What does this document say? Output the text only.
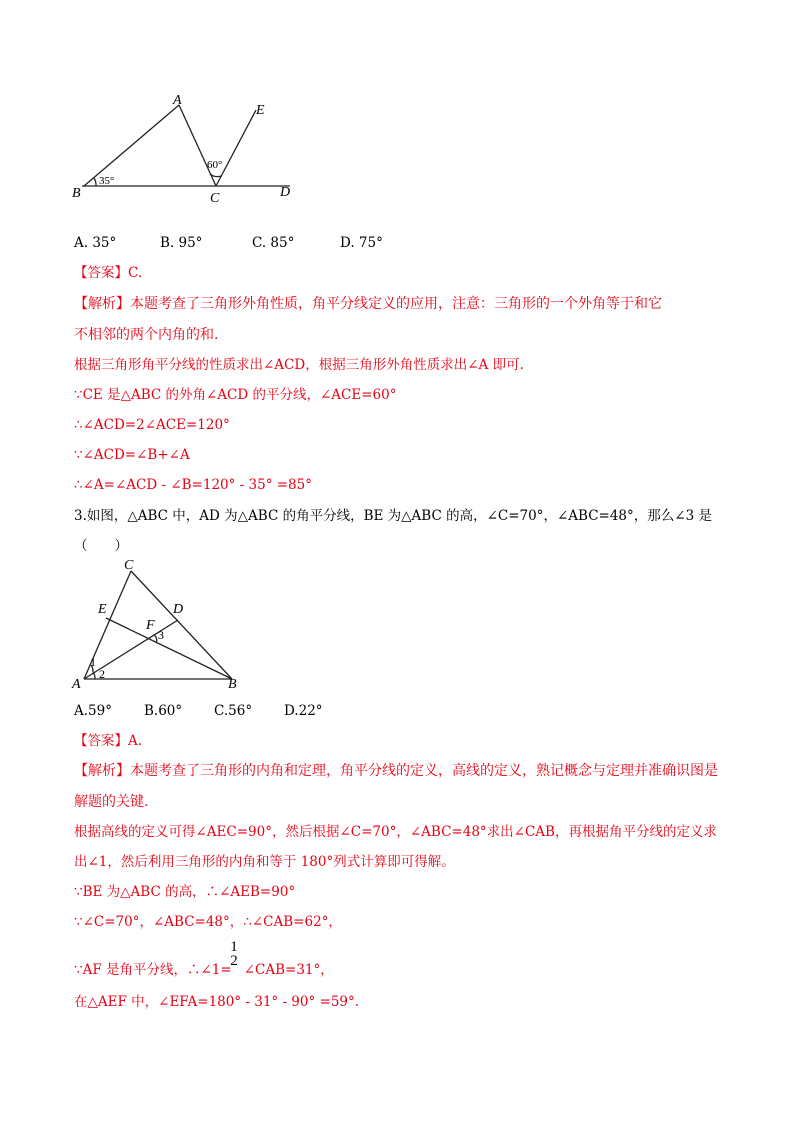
A
B	C	D
E
35°
60°
A. 35°	B. 95°	C. 85°	D. 75°
【答案】C.
【解析】本题考查了三角形外角性质，角平分线定义的应用，注意：三角形的一个外角等于和它
不相邻的两个内角的和.
根据三角形角平分线的性质求出∠ACD，根据三角形外角性质求出∠A 即可.
∵CE 是△ABC 的外角∠ACD 的平分线，∠ACE=60°
∴∠ACD=2∠ACE=120°
∵∠ACD=∠B+∠A
∴∠A=∠ACD - ∠B=120° - 35° =85°
3.如图，△ABC 中，AD 为△ABC 的角平分线，BE 为△ABC 的高，∠C=70°，∠ABC=48°，那么∠3 是
（　　）
C
E	D
F
A	B
1
2
3
A.59° B.60° C.56° D.22°
【答案】A.
【解析】本题考查了三角形的内角和定理，角平分线的定义，高线的定义，熟记概念与定理并准确识图是
解题的关键.
根据高线的定义可得∠AEC=90°，然后根据∠C=70°，∠ABC=48°求出∠CAB，再根据角平分线的定义求
出∠1，然后利用三角形的内角和等于 180°列式计算即可得解。
∵BE 为△ABC 的高，∴∠AEB=90°
∵∠C=70°，∠ABC=48°，∴∠CAB=62°，
∵AF 是角平分线，∴∠1= ∠CAB=31°，
1
2
在△AEF 中，∠EFA=180° - 31° - 90° =59°.
